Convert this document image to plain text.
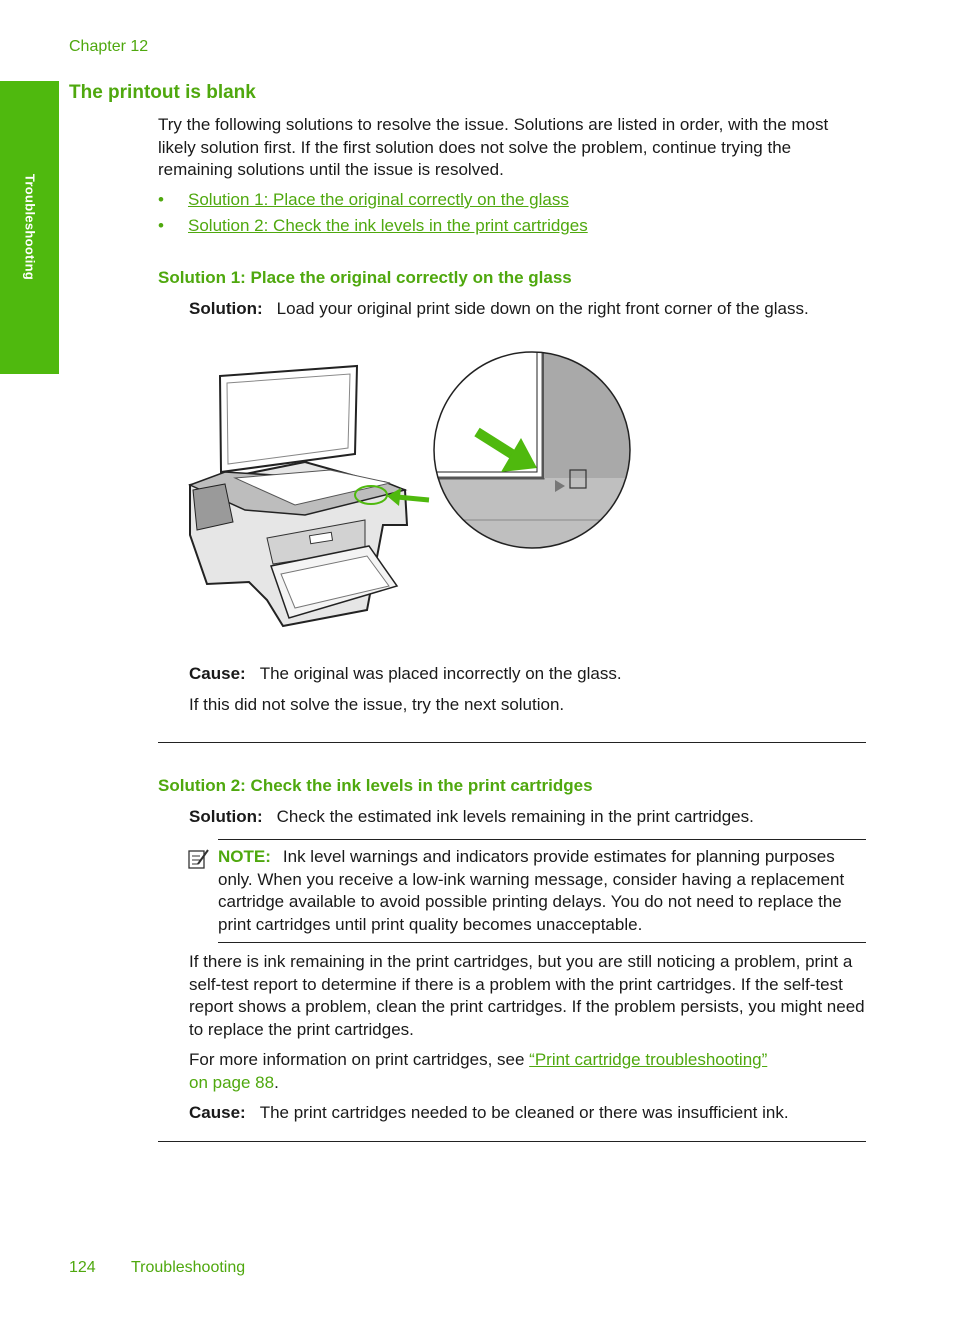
Chapter 12
Troubleshooting
The printout is blank

Try the following solutions to resolve the issue. Solutions are listed in order, with the most likely solution first. If the first solution does not solve the problem, continue trying the remaining solutions until the issue is resolved.

• Solution 1: Place the original correctly on the glass
• Solution 2: Check the ink levels in the print cartridges
Solution 1: Place the original correctly on the glass

Solution: Load your original print side down on the right front corner of the glass.

Cause: The original was placed incorrectly on the glass.

If this did not solve the issue, try the next solution.

Solution 2: Check the ink levels in the print cartridges

Solution: Check the estimated ink levels remaining in the print cartridges.

NOTE: Ink level warnings and indicators provide estimates for planning purposes only. When you receive a low-ink warning message, consider having a replacement cartridge available to avoid possible printing delays. You do not need to replace the print cartridges until print quality becomes unacceptable.

If there is ink remaining in the print cartridges, but you are still noticing a problem, print a self-test report to determine if there is a problem with the print cartridges. If the self-test report shows a problem, clean the print cartridges. If the problem persists, you might need to replace the print cartridges.

For more information on print cartridges, see “Print cartridge troubleshooting”
on page 88.

Cause: The print cartridges needed to be cleaned or there was insufficient ink.

124 Troubleshooting
